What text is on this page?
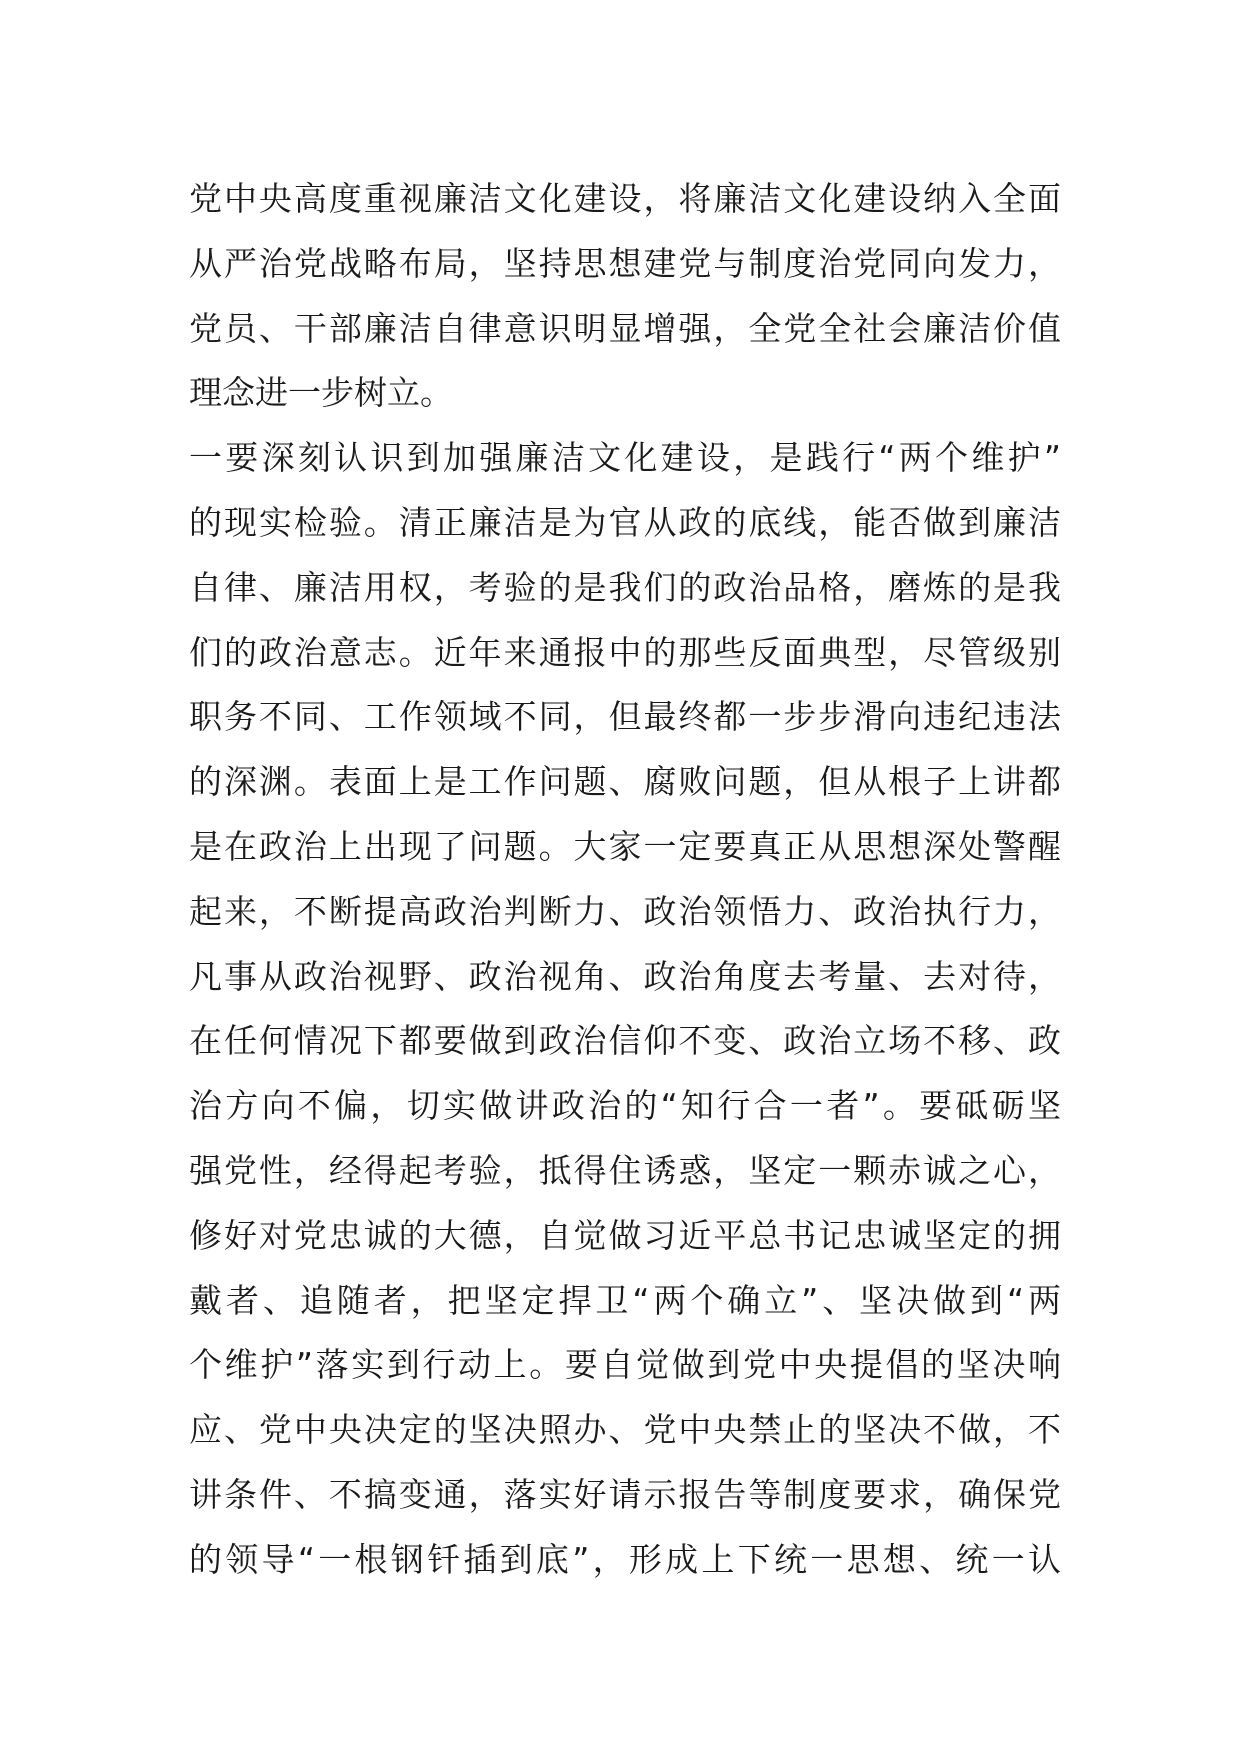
党中央高度重视廉洁文化建设，将廉洁文化建设纳入全面
从严治党战略布局，坚持思想建党与制度治党同向发力，
党员、干部廉洁自律意识明显增强，全党全社会廉洁价值
理念进一步树立。
一要深刻认识到加强廉洁文化建设，是践行“两个维护”
的现实检验。清正廉洁是为官从政的底线，能否做到廉洁
自律、廉洁用权，考验的是我们的政治品格，磨炼的是我
们的政治意志。近年来通报中的那些反面典型，尽管级别
职务不同、工作领域不同，但最终都一步步滑向违纪违法
的深渊。表面上是工作问题、腐败问题，但从根子上讲都
是在政治上出现了问题。大家一定要真正从思想深处警醒
起来，不断提高政治判断力、政治领悟力、政治执行力，
凡事从政治视野、政治视角、政治角度去考量、去对待，
在任何情况下都要做到政治信仰不变、政治立场不移、政
治方向不偏，切实做讲政治的“知行合一者”。要砥砺坚
强党性，经得起考验，抵得住诱惑，坚定一颗赤诚之心，
修好对党忠诚的大德，自觉做习近平总书记忠诚坚定的拥
戴者、追随者，把坚定捍卫“两个确立”、坚决做到“两
个维护”落实到行动上。要自觉做到党中央提倡的坚决响
应、党中央决定的坚决照办、党中央禁止的坚决不做，不
讲条件、不搞变通，落实好请示报告等制度要求，确保党
的领导“一根钢钎插到底”，形成上下统一思想、统一认
